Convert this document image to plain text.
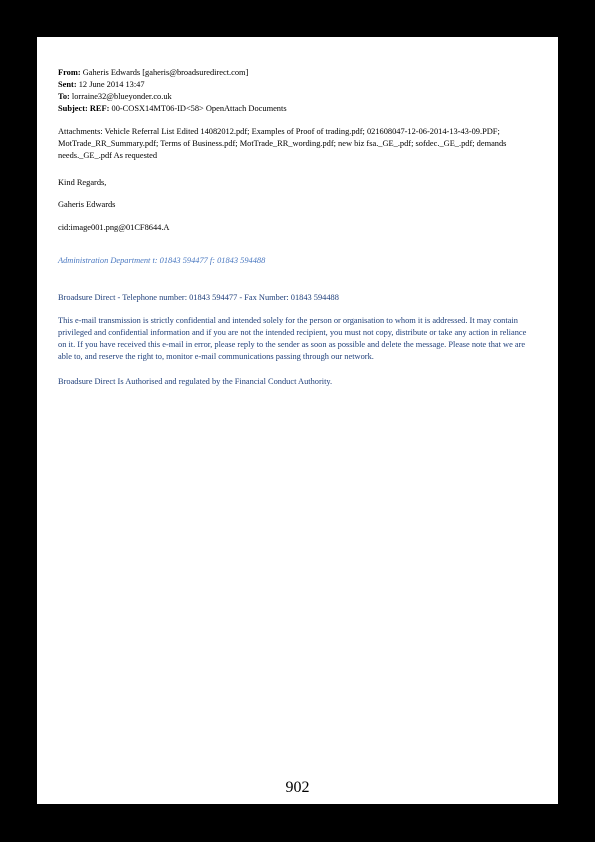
From: Gaheris Edwards [gaheris@broadsuredirect.com]
Sent: 12 June 2014 13:47
To: lorraine32@blueyonder.co.uk
Subject: REF: 00-COSX14MT06-ID<58> OpenAttach Documents
Attachments: Vehicle Referral List Edited 14082012.pdf; Examples of Proof of trading.pdf; 021608047-12-06-2014-13-43-09.PDF; MotTrade_RR_Summary.pdf; Terms of Business.pdf; MotTrade_RR_wording.pdf; new biz fsa._GE_.pdf; sofdec._GE_.pdf; demands needs._GE_.pdf As requested
Kind Regards,
Gaheris Edwards
cid:image001.png@01CF8644.A
Administration Department t: 01843 594477 f: 01843 594488
Broadsure Direct - Telephone number: 01843 594477 - Fax Number: 01843 594488
This e-mail transmission is strictly confidential and intended solely for the person or organisation to whom it is addressed. It may contain privileged and confidential information and if you are not the intended recipient, you must not copy, distribute or take any action in reliance on it. If you have received this e-mail in error, please reply to the sender as soon as possible and delete the message. Please note that we are able to, and reserve the right to, monitor e-mail communications passing through our network.
Broadsure Direct Is Authorised and regulated by the Financial Conduct Authority.
902
